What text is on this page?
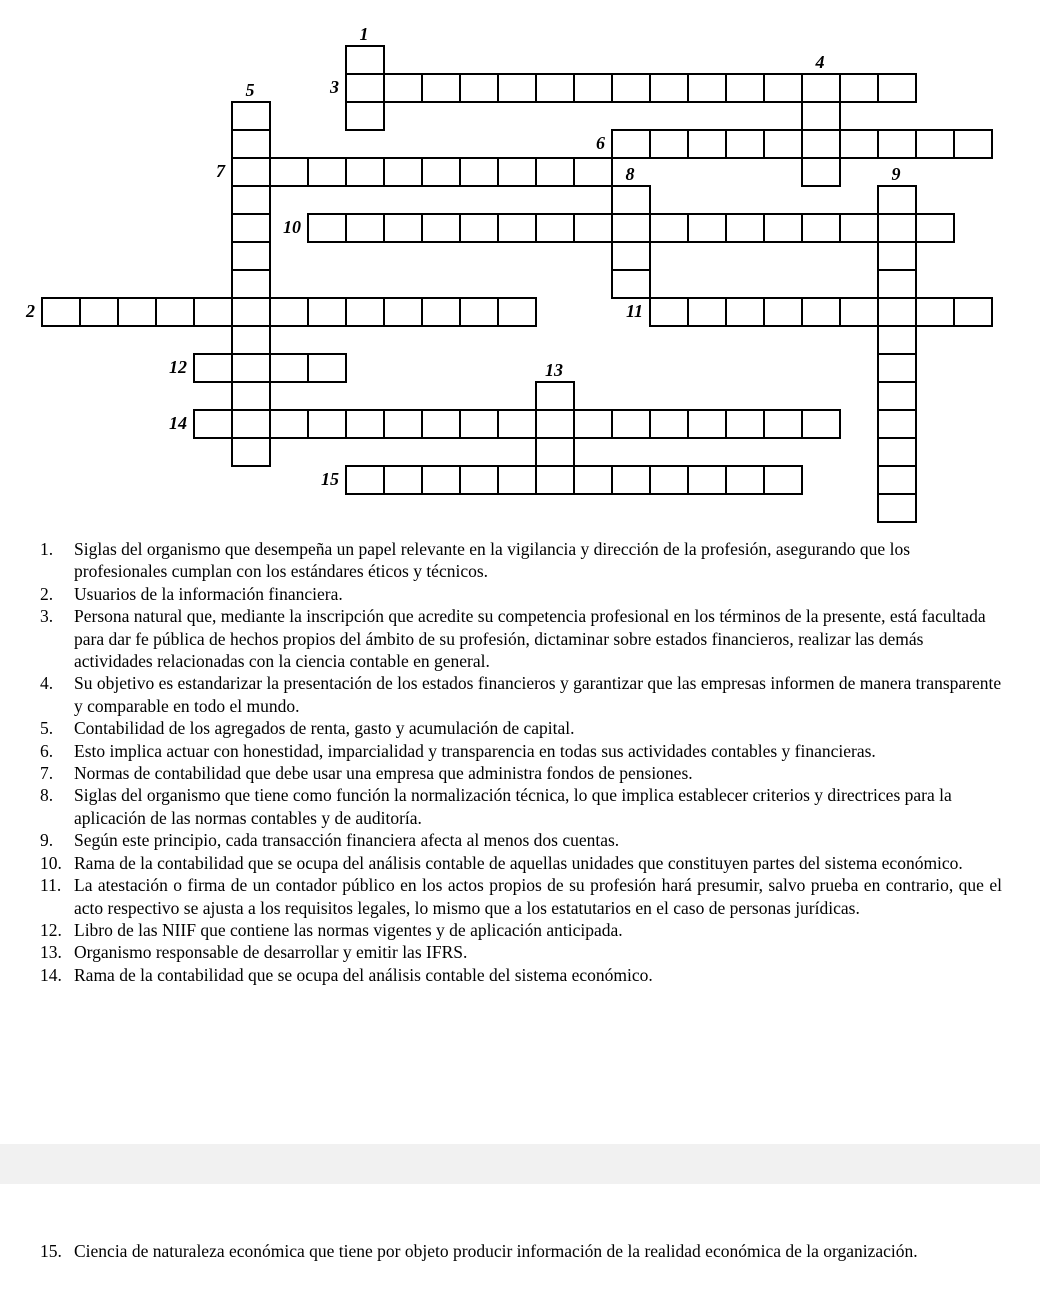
1
2
3
4
5
6
7	8	9
10
11
12	13
14
15
1. Siglas del organismo que desempeña un papel relevante en la vigilancia y dirección de la profesión, asegurando que los profesionales cumplan con los estándares éticos y técnicos.
2. Usuarios de la información financiera.
3. Persona natural que, mediante la inscripción que acredite su competencia profesional en los términos de la presente, está facultada para dar fe pública de hechos propios del ámbito de su profesión, dictaminar sobre estados financieros, realizar las demás actividades relacionadas con la ciencia contable en general.
4. Su objetivo es estandarizar la presentación de los estados financieros y garantizar que las empresas informen de manera transparente y comparable en todo el mundo.
5. Contabilidad de los agregados de renta, gasto y acumulación de capital.
6. Esto implica actuar con honestidad, imparcialidad y transparencia en todas sus actividades contables y financieras.
7. Normas de contabilidad que debe usar una empresa que administra fondos de pensiones.
8. Siglas del organismo que tiene como función la normalización técnica, lo que implica establecer criterios y directrices para la aplicación de las normas contables y de auditoría.
9. Según este principio, cada transacción financiera afecta al menos dos cuentas.
10. Rama de la contabilidad que se ocupa del análisis contable de aquellas unidades que constituyen partes del sistema económico.
11. La atestación o firma de un contador público en los actos propios de su profesión hará presumir, salvo prueba en contrario, que el acto respectivo se ajusta a los requisitos legales, lo mismo que a los estatutarios en el caso de personas jurídicas.
12. Libro de las NIIF que contiene las normas vigentes y de aplicación anticipada.
13. Organismo responsable de desarrollar y emitir las IFRS.
14. Rama de la contabilidad que se ocupa del análisis contable del sistema económico.
15. Ciencia de naturaleza económica que tiene por objeto producir información de la realidad económica de la organización.
